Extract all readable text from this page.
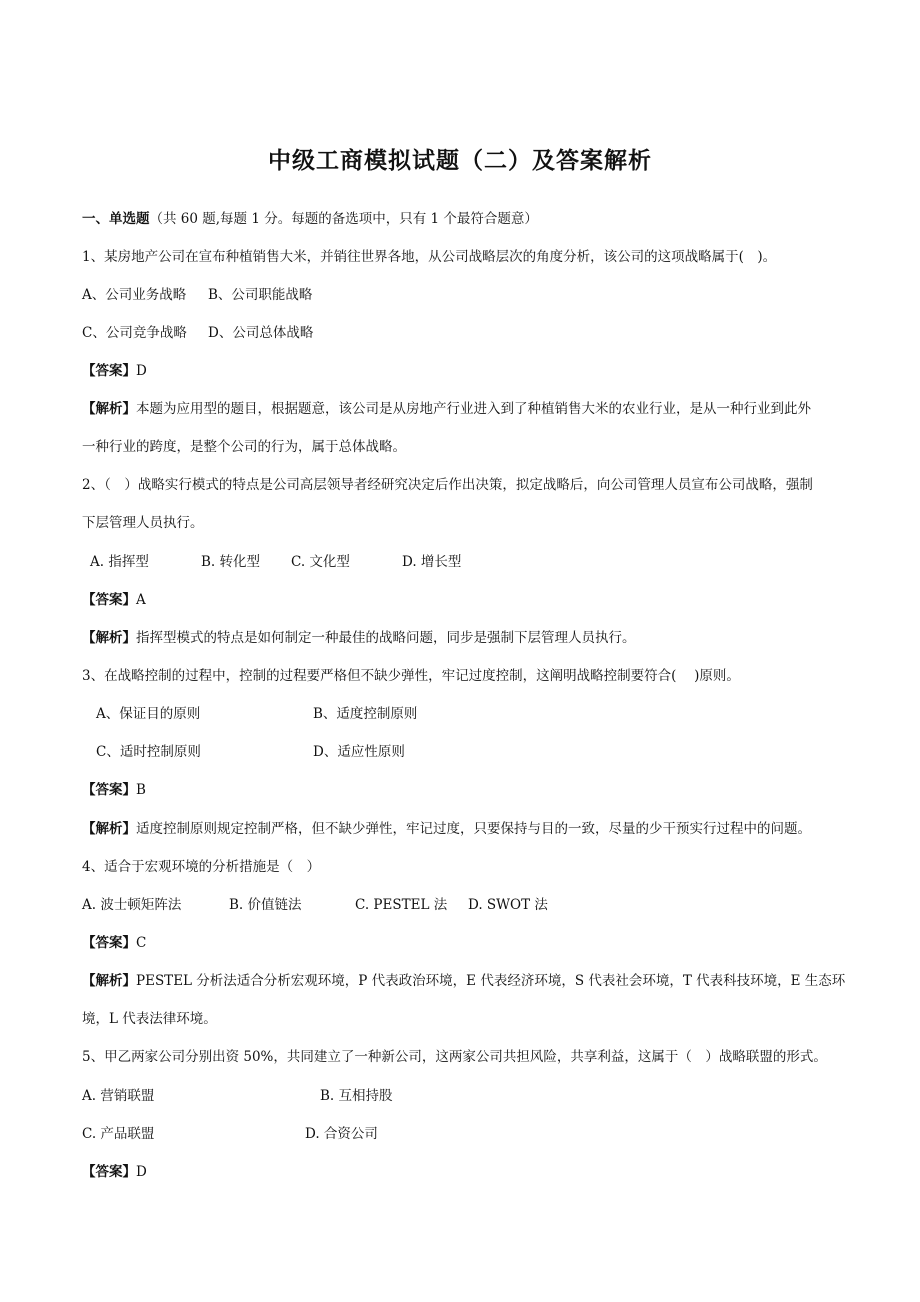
中级工商模拟试题（二）及答案解析
一、单选题（共 60 题,每题 1 分。每题的备选项中，只有 1 个最符合题意）
1、某房地产公司在宣布种植销售大米，并销往世界各地，从公司战略层次的角度分析，该公司的这项战略属于(　)。
A、公司业务战略 B、公司职能战略
C、公司竞争战略 D、公司总体战略
【答案】D
【解析】本题为应用型的题目，根据题意，该公司是从房地产行业进入到了种植销售大米的农业行业，是从一种行业到此外
一种行业的跨度，是整个公司的行为，属于总体战略。
2、（　）战略实行模式的特点是公司高层领导者经研究决定后作出决策，拟定战略后，向公司管理人员宣布公司战略，强制
下层管理人员执行。
A. 指挥型	B. 转化型 C. 文化型	D. 增长型
【答案】A
【解析】指挥型模式的特点是如何制定一种最佳的战略问题，同步是强制下层管理人员执行。
3、在战略控制的过程中，控制的过程要严格但不缺少弹性，牢记过度控制，这阐明战略控制要符合(　 )原则。
A、保证目的原则	B、适度控制原则
C、适时控制原则	D、适应性原则
【答案】B
【解析】适度控制原则规定控制严格，但不缺少弹性，牢记过度，只要保持与目的一致，尽量的少干预实行过程中的问题。
4、适合于宏观环境的分析措施是（　）
A. 波士顿矩阵法	B. 价值链法	C. PESTEL 法 D. SWOT 法
【答案】C
【解析】PESTEL 分析法适合分析宏观环境，P 代表政治环境，E 代表经济环境，S 代表社会环境，T 代表科技环境，E 生态环
境，L 代表法律环境。
5、甲乙两家公司分别出资 50%，共同建立了一种新公司，这两家公司共担风险，共享利益，这属于（　）战略联盟的形式。
A. 营销联盟	B. 互相持股
C. 产品联盟	D. 合资公司
【答案】D
